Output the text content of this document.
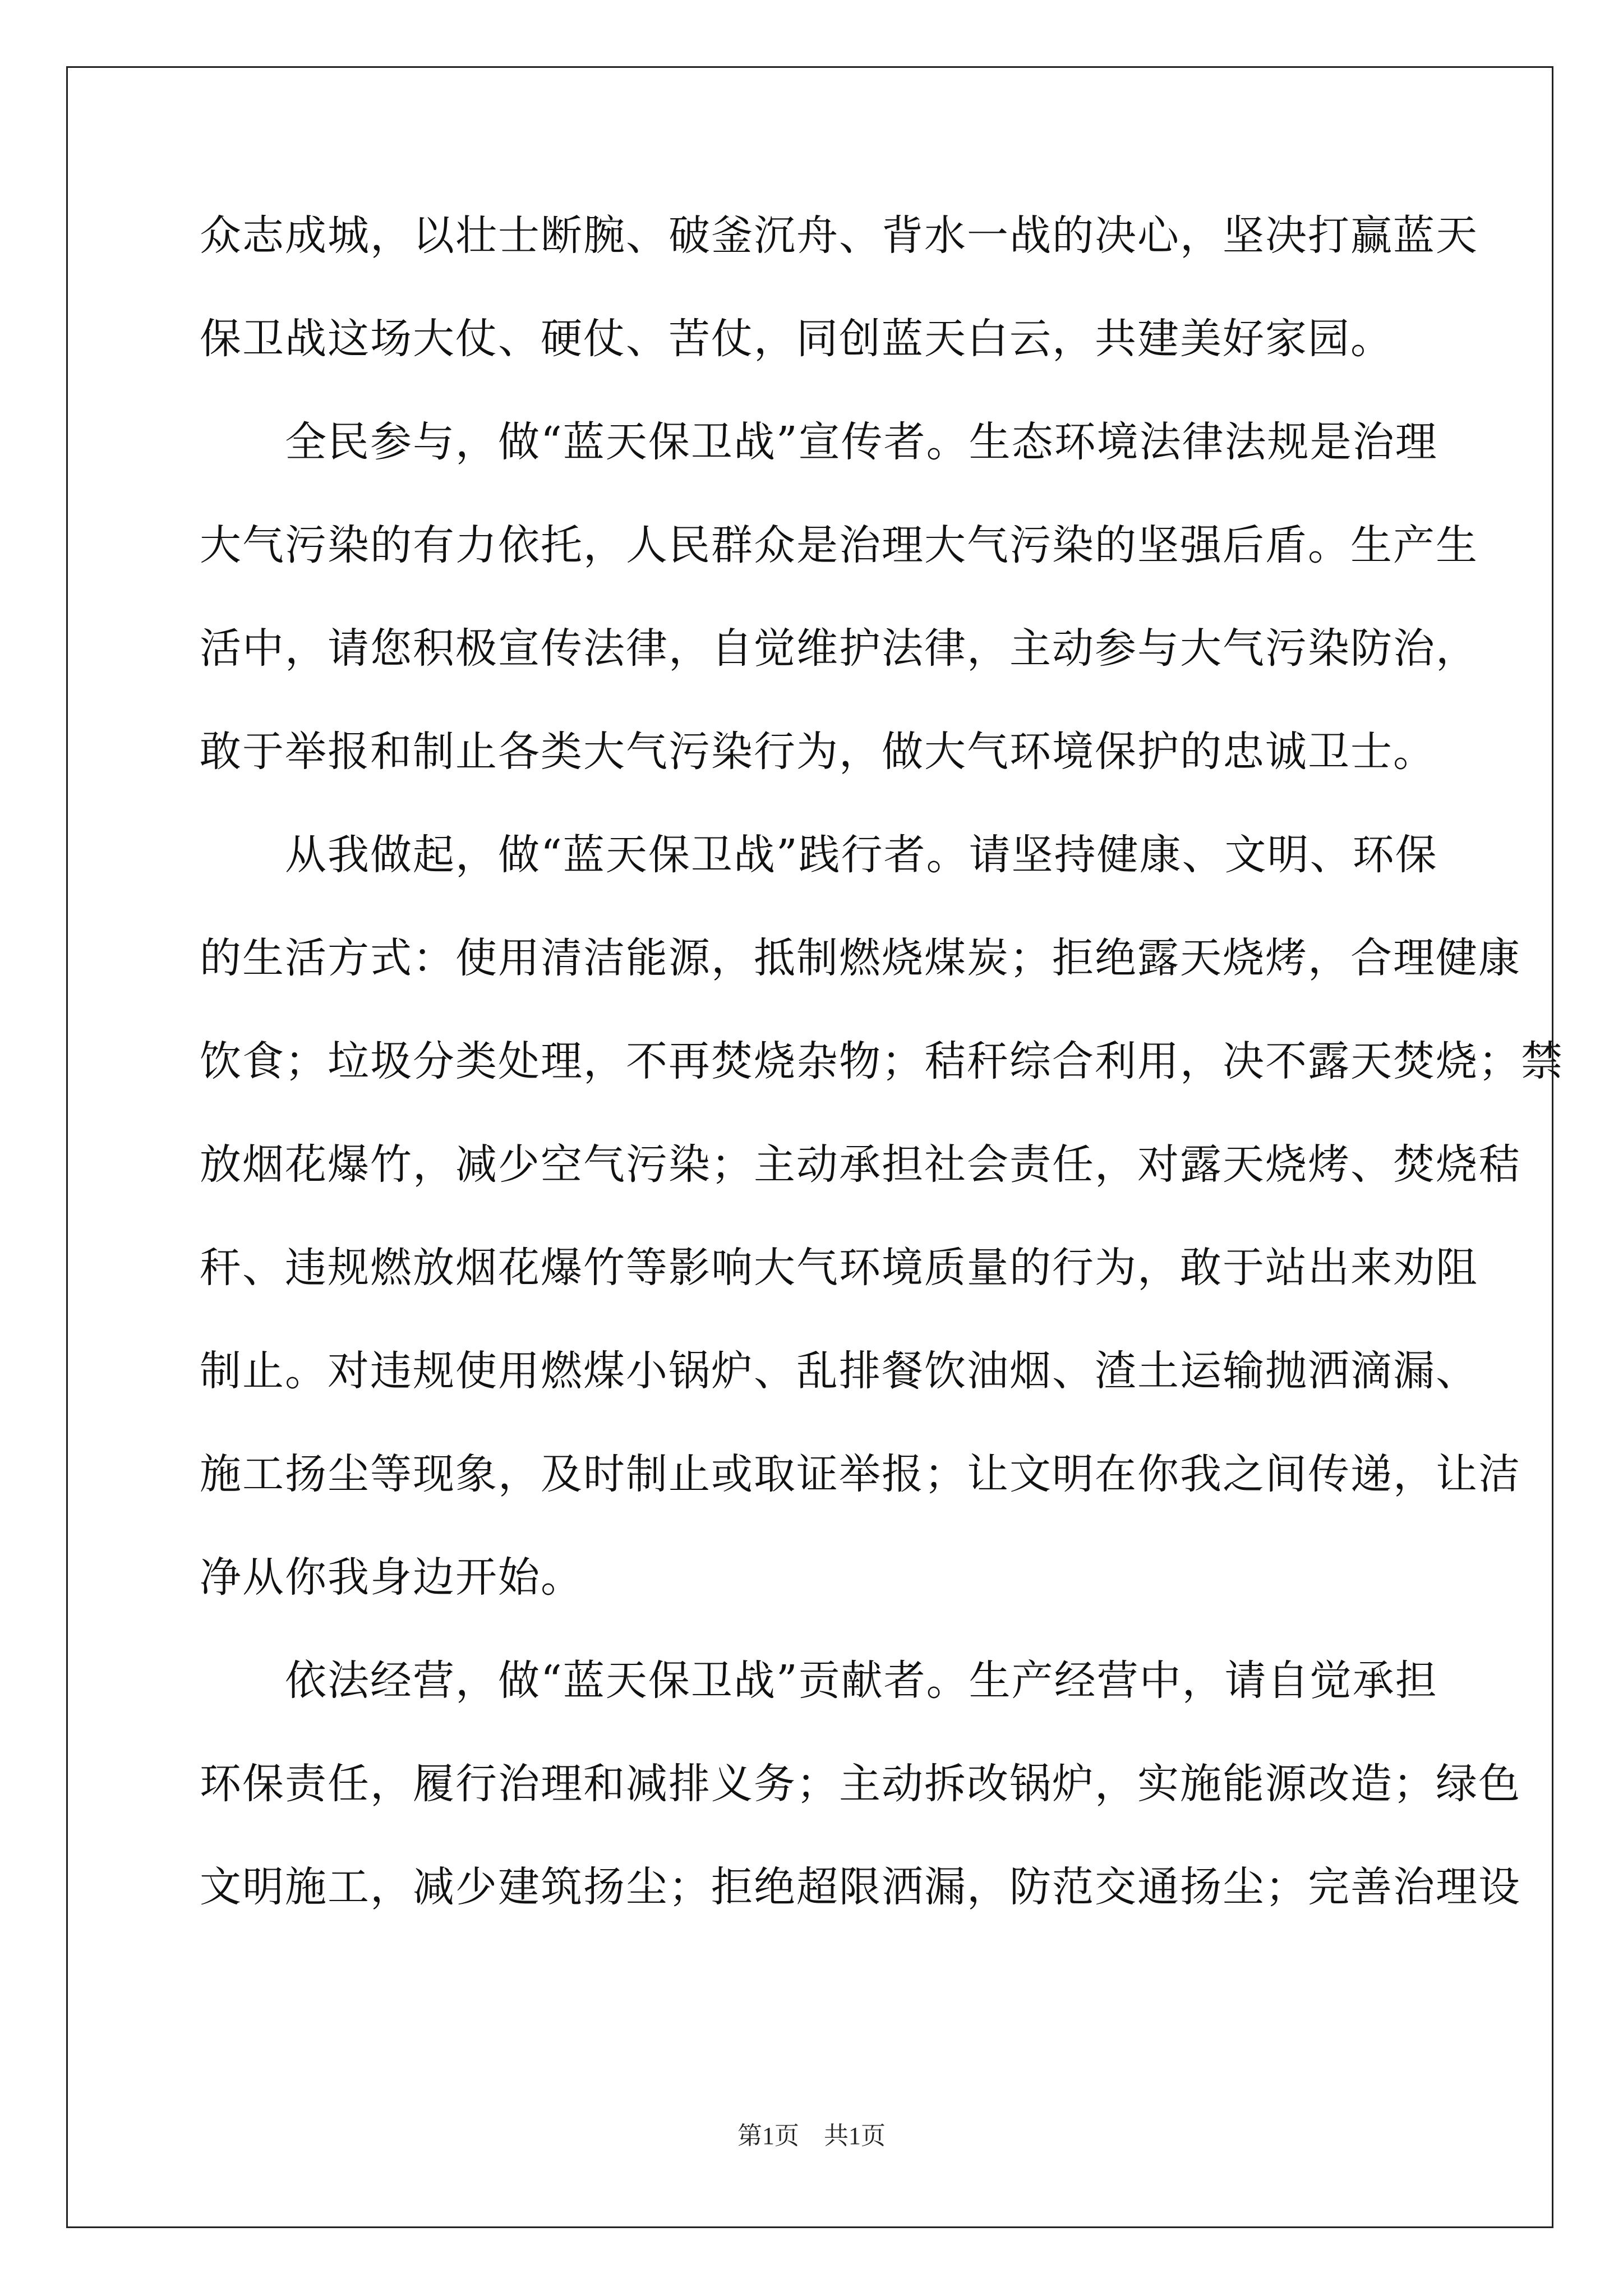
众志成城，以壮士断腕、破釜沉舟、背水一战的决心，坚决打赢蓝天
保卫战这场大仗、硬仗、苦仗，同创蓝天白云，共建美好家园。
　　全民参与，做“蓝天保卫战”宣传者。生态环境法律法规是治理
大气污染的有力依托，人民群众是治理大气污染的坚强后盾。生产生
活中，请您积极宣传法律，自觉维护法律，主动参与大气污染防治，
敢于举报和制止各类大气污染行为，做大气环境保护的忠诚卫士。
　　从我做起，做“蓝天保卫战”践行者。请坚持健康、文明、环保
的生活方式：使用清洁能源，抵制燃烧煤炭；拒绝露天烧烤，合理健康
饮食；垃圾分类处理，不再焚烧杂物；秸秆综合利用，决不露天焚烧；禁
放烟花爆竹，减少空气污染；主动承担社会责任，对露天烧烤、焚烧秸
秆、违规燃放烟花爆竹等影响大气环境质量的行为，敢于站出来劝阻
制止。对违规使用燃煤小锅炉、乱排餐饮油烟、渣土运输抛洒滴漏、
施工扬尘等现象，及时制止或取证举报；让文明在你我之间传递，让洁
净从你我身边开始。
　　依法经营，做“蓝天保卫战”贡献者。生产经营中，请自觉承担
环保责任，履行治理和减排义务；主动拆改锅炉，实施能源改造；绿色
文明施工，减少建筑扬尘；拒绝超限洒漏，防范交通扬尘；完善治理设
第1页　共1页
